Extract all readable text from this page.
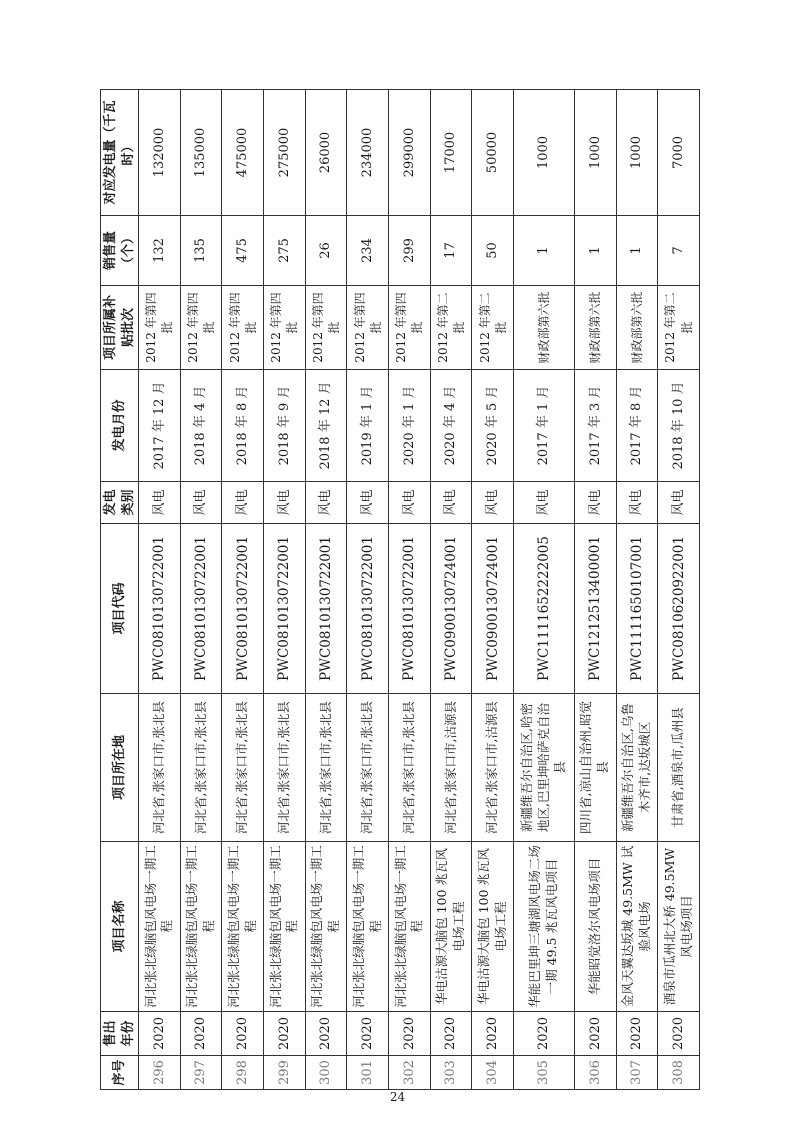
序号	售出年份	项目名称	项目所在地	项目代码	发电类别	发电月份	项目所属补贴批次	销售量（个）	对应发电量（千瓦时）
296	2020	河北张北绿脑包风电场一期工程	河北省,张家口市,张北县	PWC0810130722001	风电	2017 年 12 月	2012 年第四批	132	132000
297	2020	河北张北绿脑包风电场一期工程	河北省,张家口市,张北县	PWC0810130722001	风电	2018 年 4 月	2012 年第四批	135	135000
298	2020	河北张北绿脑包风电场一期工程	河北省,张家口市,张北县	PWC0810130722001	风电	2018 年 8 月	2012 年第四批	475	475000
299	2020	河北张北绿脑包风电场一期工程	河北省,张家口市,张北县	PWC0810130722001	风电	2018 年 9 月	2012 年第四批	275	275000
300	2020	河北张北绿脑包风电场一期工程	河北省,张家口市,张北县	PWC0810130722001	风电	2018 年 12 月	2012 年第四批	26	26000
301	2020	河北张北绿脑包风电场一期工程	河北省,张家口市,张北县	PWC0810130722001	风电	2019 年 1 月	2012 年第四批	234	234000
302	2020	河北张北绿脑包风电场一期工程	河北省,张家口市,张北县	PWC0810130722001	风电	2020 年 1 月	2012 年第四批	299	299000
303	2020	华电沽源大脑包 100 兆瓦风电场工程	河北省,张家口市,沽源县	PWC0900130724001	风电	2020 年 4 月	2012 年第二批	17	17000
304	2020	华电沽源大脑包 100 兆瓦风电场工程	河北省,张家口市,沽源县	PWC0900130724001	风电	2020 年 5 月	2012 年第二批	50	50000
305	2020	华能巴里坤三塘湖风电场二场一期 49.5 兆瓦风电项目	新疆维吾尔自治区,哈密地区,巴里坤哈萨克自治县	PWC1111652222005	风电	2017 年 1 月	财政部第六批	1	1000
306	2020	华能昭觉洛尔风电场项目	四川省,凉山自治州,昭觉县	PWC1212513400001	风电	2017 年 3 月	财政部第六批	1	1000
307	2020	金风天翼达坂城 49.5MW 试验风电场	新疆维吾尔自治区,乌鲁木齐市,达坂城区	PWC1111650107001	风电	2017 年 8 月	财政部第六批	1	1000
308	2020	酒泉市瓜州北大桥 49.5MW 风电场项目	甘肃省,酒泉市,瓜州县	PWC0810620922001	风电	2018 年 10 月	2012 年第二批	7	7000
24
